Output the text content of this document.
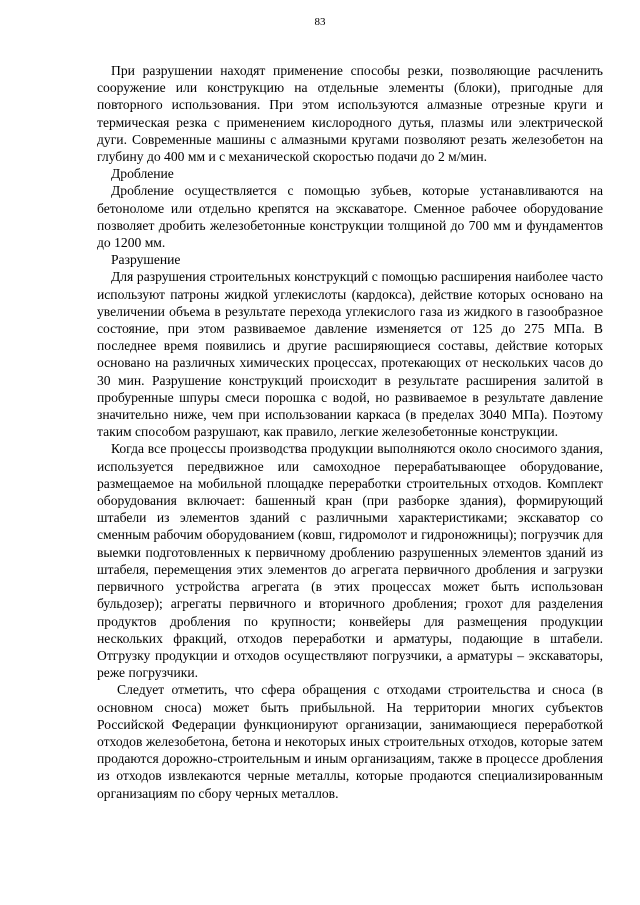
83

При разрушении находят применение способы резки, позволяющие расчленить сооружение или конструкцию на отдельные элементы (блоки), пригодные для повторного использования. При этом используются алмазные отрезные круги и термическая резка с применением кислородного дутья, плазмы или электрической дуги. Современные машины с алмазными кругами позволяют резать железобетон на глубину до 400 мм и с механической скоростью подачи до 2 м/мин.

Дробление

Дробление осуществляется с помощью зубьев, которые устанавливаются на бетоноломе или отдельно крепятся на экскаваторе. Сменное рабочее оборудование позволяет дробить железобетонные конструкции толщиной до 700 мм и фундаментов до 1200 мм.

Разрушение

Для разрушения строительных конструкций с помощью расширения наиболее часто используют патроны жидкой углекислоты (кардокса), действие которых основано на увеличении объема в результате перехода углекислого газа из жидкого в газообразное состояние, при этом развиваемое давление изменяется от 125 до 275 МПа. В последнее время появились и другие расширяющиеся составы, действие которых основано на различных химических процессах, протекающих от нескольких часов до 30 мин. Разрушение конструкций происходит в результате расширения залитой в пробуренные шпуры смеси порошка с водой, но развиваемое в результате давление значительно ниже, чем при использовании каркаса (в пределах 3040 МПа). Поэтому таким способом разрушают, как правило, легкие железобетонные конструкции.

Когда все процессы производства продукции выполняются около сносимого здания, используется передвижное или самоходное перерабатывающее оборудование, размещаемое на мобильной площадке переработки строительных отходов. Комплект оборудования включает: башенный кран (при разборке здания), формирующий штабели из элементов зданий с различными характеристиками; экскаватор со сменным рабочим оборудованием (ковш, гидромолот и гидроножницы); погрузчик для выемки подготовленных к первичному дроблению разрушенных элементов зданий из штабеля, перемещения этих элементов до агрегата первичного дробления и загрузки первичного устройства агрегата (в этих процессах может быть использован бульдозер); агрегаты первичного и вторичного дробления; грохот для разделения продуктов дробления по крупности; конвейеры для размещения продукции нескольких фракций, отходов переработки и арматуры, подающие в штабели. Отгрузку продукции и отходов осуществляют погрузчики, а арматуры – экскаваторы, реже погрузчики.

Следует отметить, что сфера обращения с отходами строительства и сноса (в основном сноса) может быть прибыльной. На территории многих субъектов Российской Федерации функционируют организации, занимающиеся переработкой отходов железобетона, бетона и некоторых иных строительных отходов, которые затем продаются дорожно-строительным и иным организациям, также в процессе дробления из отходов извлекаются черные металлы, которые продаются специализированным организациям по сбору черных металлов.
